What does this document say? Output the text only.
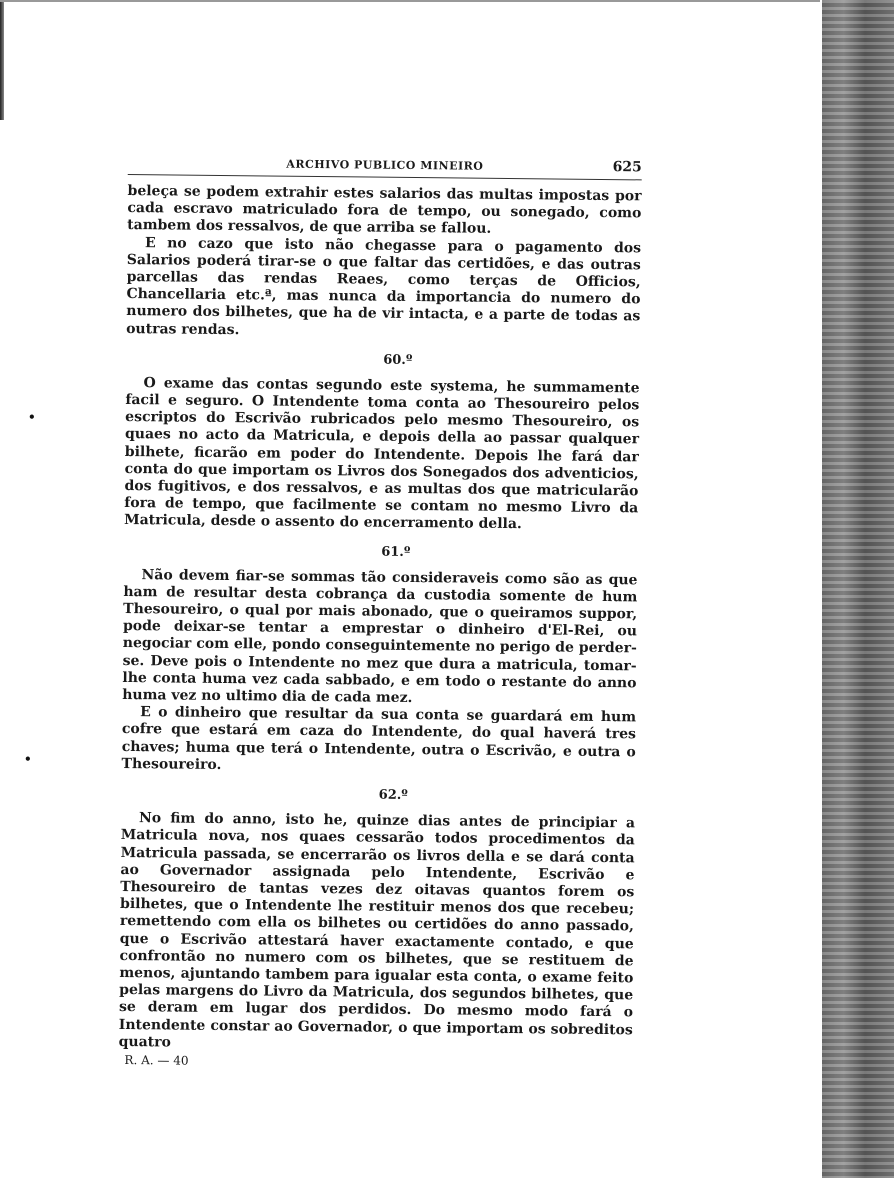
•
•
ARCHIVO PUBLICO MINEIRO	625

beleça se podem extrahir estes salarios das multas impostas por cada escravo matriculado fora de tempo, ou sonegado, como tambem dos ressalvos, de que arriba se fallou.

E no cazo que isto não chegasse para o pagamento dos Salarios poderá tirar-se o que faltar das certidões, e das outras parcellas das rendas Reaes, como terças de Officios, Chancellaria etc.ª, mas nunca da importancia do numero do numero dos bilhetes, que ha de vir intacta, e a parte de todas as outras rendas.

60.º

O exame das contas segundo este systema, he summamente facil e seguro. O Intendente toma conta ao Thesoureiro pelos escriptos do Escrivão rubricados pelo mesmo Thesoureiro, os quaes no acto da Matricula, e depois della ao passar qualquer bilhete, ficarão em poder do Intendente. Depois lhe fará dar conta do que importam os Livros dos Sonegados dos adventicios, dos fugitivos, e dos ressalvos, e as multas dos que matricularão fora de tempo, que facilmente se contam no mesmo Livro da Matricula, desde o assento do encerramento della.

61.º

Não devem fiar-se sommas tão consideraveis como são as que ham de resultar desta cobrança da custodia somente de hum Thesoureiro, o qual por mais abonado, que o queiramos suppor, pode deixar-se tentar a emprestar o dinheiro d'El-Rei, ou negociar com elle, pondo conseguintemente no perigo de perder-se. Deve pois o Intendente no mez que dura a matricula, tomar-lhe conta huma vez cada sabbado, e em todo o restante do anno huma vez no ultimo dia de cada mez.

E o dinheiro que resultar da sua conta se guardará em hum cofre que estará em caza do Intendente, do qual haverá tres chaves; huma que terá o Intendente, outra o Escrivão, e outra o Thesoureiro.

62.º

No fim do anno, isto he, quinze dias antes de principiar a Matricula nova, nos quaes cessarão todos procedimentos da Matricula passada, se encerrarão os livros della e se dará conta ao Governador assignada pelo Intendente, Escrivão e Thesoureiro de tantas vezes dez oitavas quantos forem os bilhetes, que o Intendente lhe restituir menos dos que recebeu; remettendo com ella os bilhetes ou certidões do anno passado, que o Escrivão attestará haver exactamente contado, e que confrontão no numero com os bilhetes, que se restituem de menos, ajuntando tambem para igualar esta conta, o exame feito pelas margens do Livro da Matricula, dos segundos bilhetes, que se deram em lugar dos perdidos. Do mesmo modo fará o Intendente constar ao Governador, o que importam os sobreditos quatro

R. A. — 40
